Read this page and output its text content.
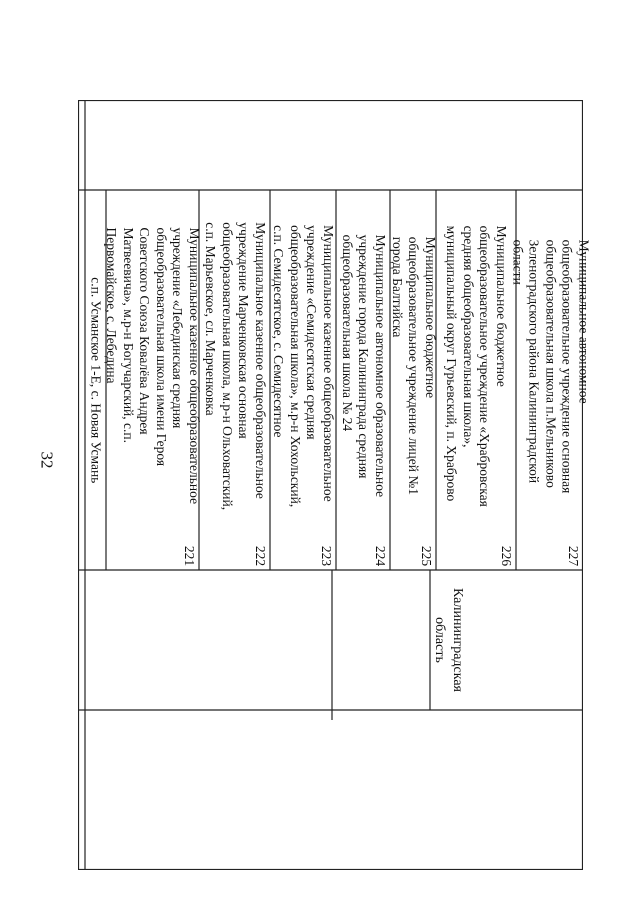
32 с.п. Усманское 1-Е, с. Новая Усмань	Муниципальное казенное общеобразовательное
учреждение «Лебединская средняя
общеобразовательная школа имени Героя
Советского Союза Ковалёва Андрея
Матвеевича», м.р-н Богучарский, с.п.
Первомайское, с. Лебедина
221
Муниципальное казенное общеобразовательное
учреждение Марченковская основная
общеобразовательная школа, м.р-н Ольховатский,
с.п. Марьевское, сл. Марченковка
222
Муниципальное казенное общеобразовательное
учреждение «Семидесятская средняя
общеобразовательная школа», м.р-н Хохольский,
с.п. Семидесятское, с. Семидесятное
223
Муниципальное автономное образовательное
учреждение города Калининграда средняя
общеобразовательная школа № 24
224
Муниципальное бюджетное
общеобразовательное учреждение лицей №1
города Балтийска
225
Муниципальное бюджетное
общеобразовательное учреждение «Храбровская
средняя общеобразовательная школа»,
муниципальный округ Гурьевский, п. Храброво
226
Муниципальное автономное
общеобразовательное учреждение основная
общеобразовательная школа п.Мельниково
Зеленоградского района Калининградской
области
227
Калининградская
область
